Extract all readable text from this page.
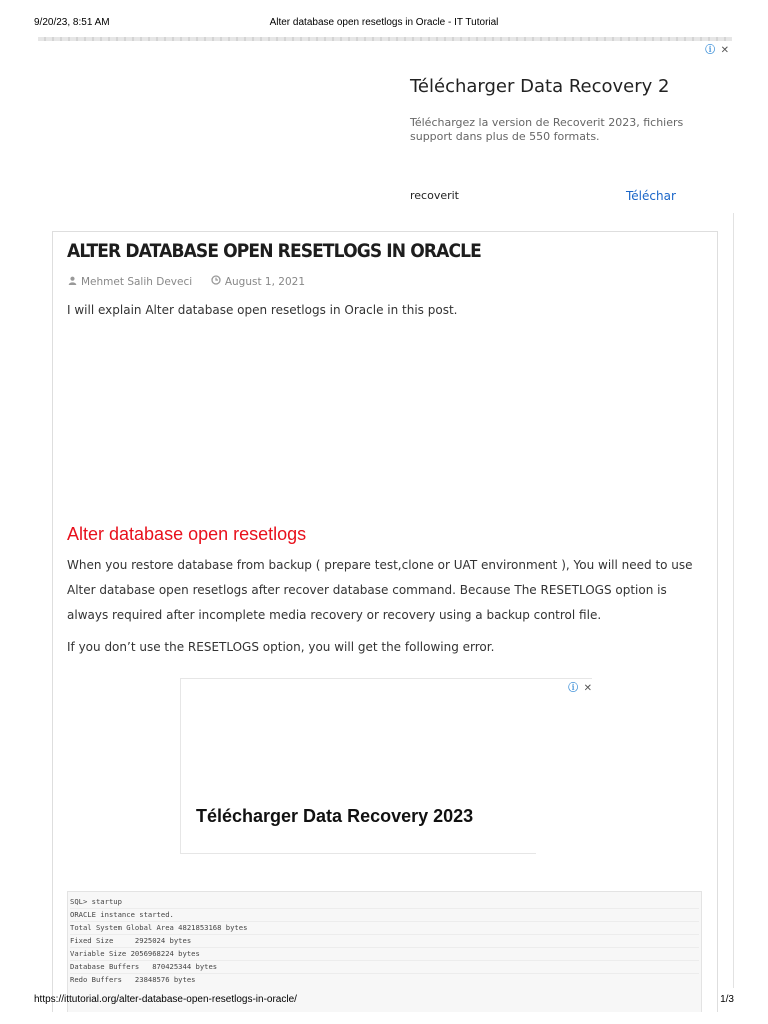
9/20/23, 8:51 AM	Alter database open resetlogs in Oracle - IT Tutorial
ⓘ ✕
Télécharger Data Recovery 2
Téléchargez la version de Recoverit 2023, fichiers support dans plus de 550 formats.
recoverit	Téléchar
ALTER DATABASE OPEN RESETLOGS IN ORACLE
Mehmet Salih Deveci	August 1, 2021
I will explain Alter database open resetlogs in Oracle in this post.
Alter database open resetlogs
When you restore database from backup ( prepare test,clone or UAT environment ), You will need to use Alter database open resetlogs after recover database command. Because The RESETLOGS option is always required after incomplete media recovery or recovery using a backup control file.
If you don’t use the RESETLOGS option, you will get the following error.
ⓘ ✕
Télécharger Data Recovery 2023
SQL> startup
ORACLE instance started.
Total System Global Area 4821853168 bytes
Fixed Size     2925024 bytes
Variable Size 2056968224 bytes
Database Buffers   870425344 bytes
Redo Buffers   23848576 bytes
https://ittutorial.org/alter-database-open-resetlogs-in-oracle/	1/3
